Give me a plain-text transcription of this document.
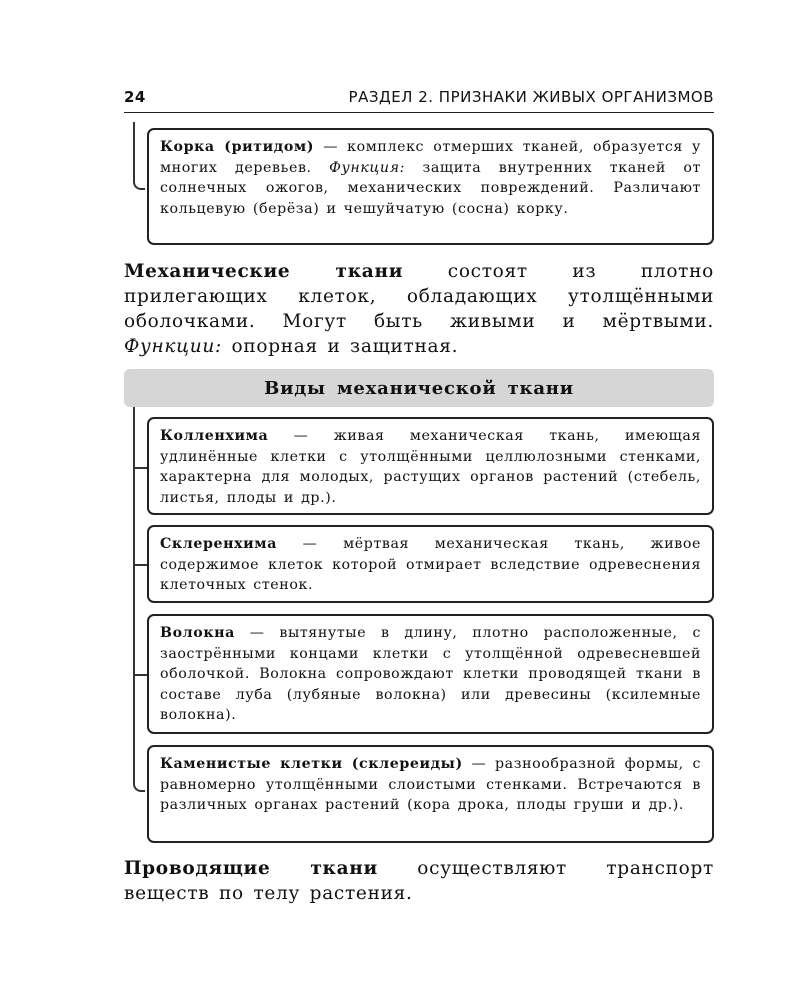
24	РАЗДЕЛ 2. ПРИЗНАКИ ЖИВЫХ ОРГАНИЗМОВ
Корка (ритидом) — комплекс отмерших тканей, образуется у многих деревьев. Функция: защита внутренних тканей от солнечных ожогов, механических повреждений. Различают кольцевую (берёза) и чешуйчатую (сосна) корку.
Механические ткани состоят из плотно прилегающих клеток, обладающих утолщёнными оболочками. Могут быть живыми и мёртвыми. Функции: опорная и защитная.
Виды механической ткани
Колленхима — живая механическая ткань, имеющая удлинённые клетки с утолщёнными целлюлозными стенками, характерна для молодых, растущих органов растений (стебель, листья, плоды и др.).
Склеренхима — мёртвая механическая ткань, живое содержимое клеток которой отмирает вследствие одревеснения клеточных стенок.
Волокна — вытянутые в длину, плотно расположенные, с заострёнными концами клетки с утолщённой одревесневшей оболочкой. Волокна сопровождают клетки проводящей ткани в составе луба (лубяные волокна) или древесины (ксилемные волокна).
Каменистые клетки (склереиды) — разнообразной формы, с равномерно утолщёнными слоистыми стенками. Встречаются в различных органах растений (кора дрока, плоды груши и др.).
Проводящие ткани осуществляют транспорт веществ по телу растения.
